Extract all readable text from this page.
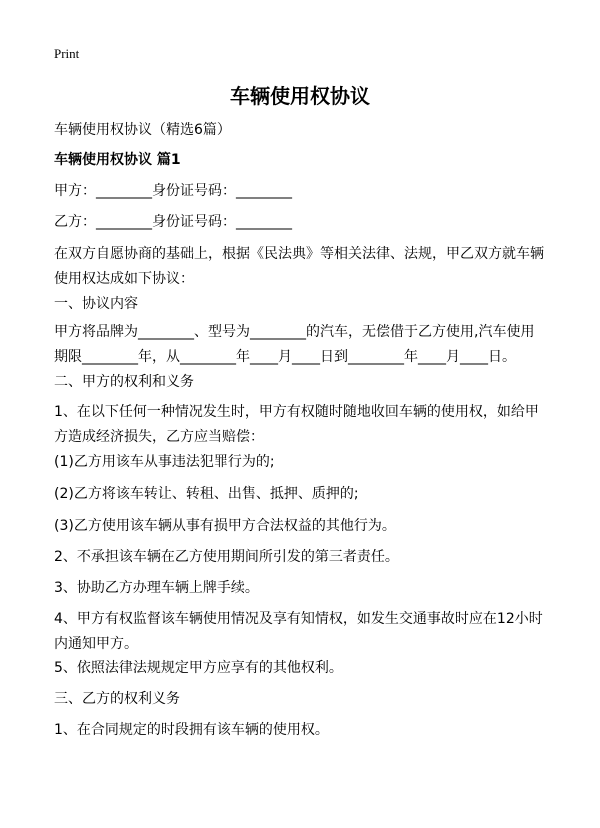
Print
车辆使用权协议
车辆使用权协议（精选6篇）
车辆使用权协议 篇1
甲方：________身份证号码：________
乙方：________身份证号码：________
在双方自愿协商的基础上，根据《民法典》等相关法律、法规，甲乙双方就车辆使用权达成如下协议：
一、协议内容
甲方将品牌为________、型号为________的汽车，无偿借于乙方使用,汽车使用期限________年，从________年____月____日到________年____月____日。
二、甲方的权利和义务
1、在以下任何一种情况发生时，甲方有权随时随地收回车辆的使用权，如给甲方造成经济损失，乙方应当赔偿：
(1)乙方用该车从事违法犯罪行为的;
(2)乙方将该车转让、转租、出售、抵押、质押的;
(3)乙方使用该车辆从事有损甲方合法权益的其他行为。
2、不承担该车辆在乙方使用期间所引发的第三者责任。
3、协助乙方办理车辆上牌手续。
4、甲方有权监督该车辆使用情况及享有知情权，如发生交通事故时应在12小时内通知甲方。
5、依照法律法规规定甲方应享有的其他权利。
三、乙方的权利义务
1、在合同规定的时段拥有该车辆的使用权。
